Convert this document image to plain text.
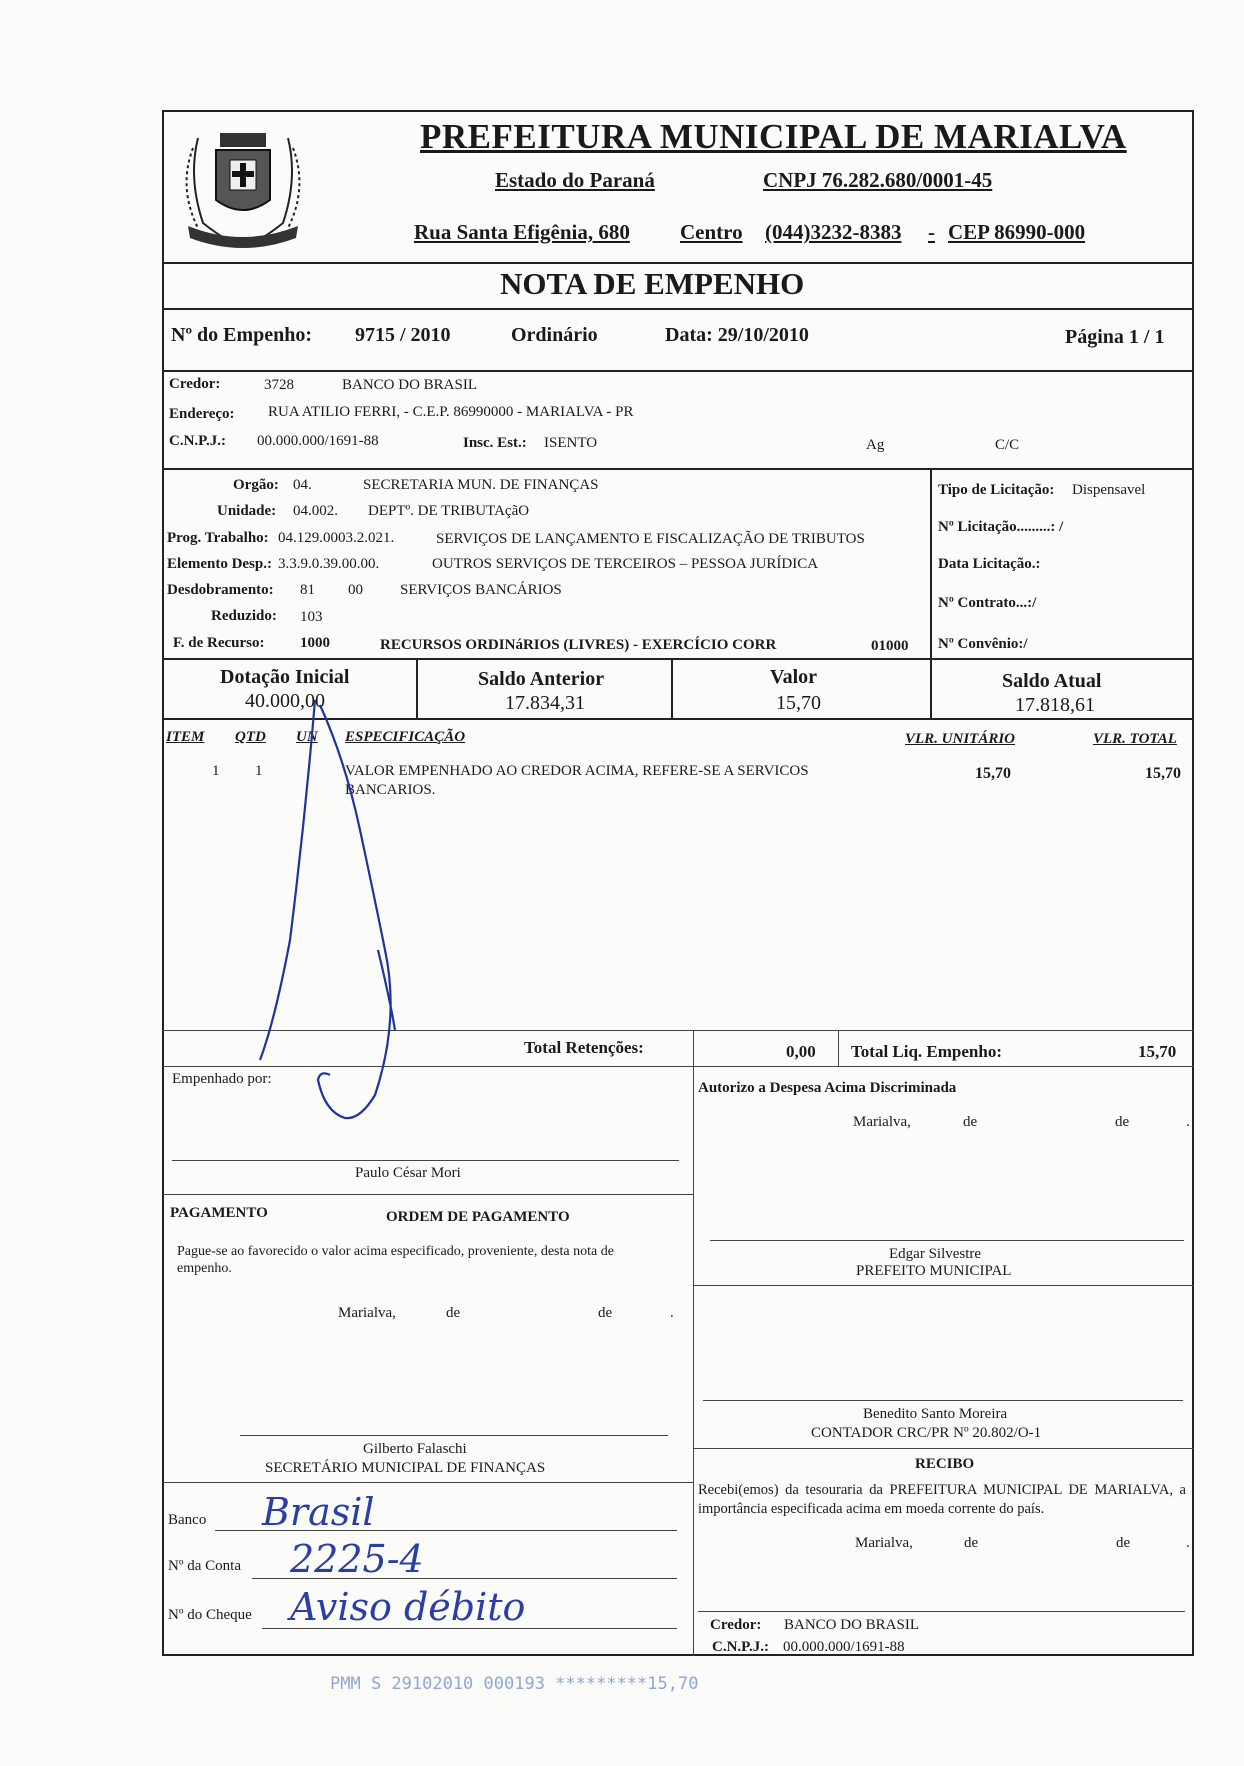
PREFEITURA MUNICIPAL DE MARIALVA
Estado do Paraná	CNPJ 76.282.680/0001-45
Rua Santa Efigênia, 680 Centro (044)3232-8383 - CEP 86990-000
NOTA DE EMPENHO
Nº do Empenho: 9715 / 2010	Ordinário	Data: 29/10/2010	Página 1 / 1
Credor:	3728	BANCO DO BRASIL
Endereço: RUA ATILIO FERRI, - C.E.P. 86990000 - MARIALVA - PR
C.N.P.J.: 00.000.000/1691-88	Insc. Est.: ISENTO	Ag	C/C
Orgão: 04.	SECRETARIA MUN. DE FINANÇAS
Unidade: 04.002. DEPTº. DE TRIBUTAçãO
Prog. Trabalho: 04.129.0003.2.021.	SERVIÇOS DE LANÇAMENTO E FISCALIZAÇÃO DE TRIBUTOS
Elemento Desp.: 3.3.9.0.39.00.00.	OUTROS SERVIÇOS DE TERCEIROS – PESSOA JURÍDICA
Desdobramento: 81 00 SERVIÇOS BANCÁRIOS
Reduzido: 103
F. de Recurso: 1000	RECURSOS ORDINáRIOS (LIVRES) - EXERCÍCIO CORR	01000
Tipo de Licitação: Dispensavel
Nº Licitação.........: /
Data Licitação.:
Nº Contrato...:/
Nº Convênio:/
Dotação Inicial
40.000,00
Saldo Anterior
17.834,31
Valor
15,70
Saldo Atual
17.818,61
ITEM QTD UN ESPECIFICAÇÃO	VLR. UNITÁRIO	VLR. TOTAL
1 1	VALOR EMPENHADO AO CREDOR ACIMA, REFERE-SE A SERVICOS
BANCARIOS.
15,70	15,70
Total Retenções:	0,00 Total Liq. Empenho:	15,70
Empenhado por:
Paulo César Mori
Autorizo a Despesa Acima Discriminada
Marialva,	de	de	.
PAGAMENTO	ORDEM DE PAGAMENTO
Pague-se ao favorecido o valor acima especificado, proveniente, desta nota de empenho.
Marialva,	de	de	.
Edgar Silvestre
PREFEITO MUNICIPAL
Benedito Santo Moreira
CONTADOR CRC/PR Nº 20.802/O-1
Gilberto Falaschi
SECRETÁRIO MUNICIPAL DE FINANÇAS	RECIBO
Recebi(emos) da tesouraria da PREFEITURA MUNICIPAL DE MARIALVA, a importância especificada acima em moeda corrente do país.
Marialva,	de	de	.
Credor: BANCO DO BRASIL
C.N.P.J.: 00.000.000/1691-88
Banco Brasil
Nº da Conta 2225-4
Nº do Cheque Aviso débito
PMM S 29102010 000193 *********15,70
